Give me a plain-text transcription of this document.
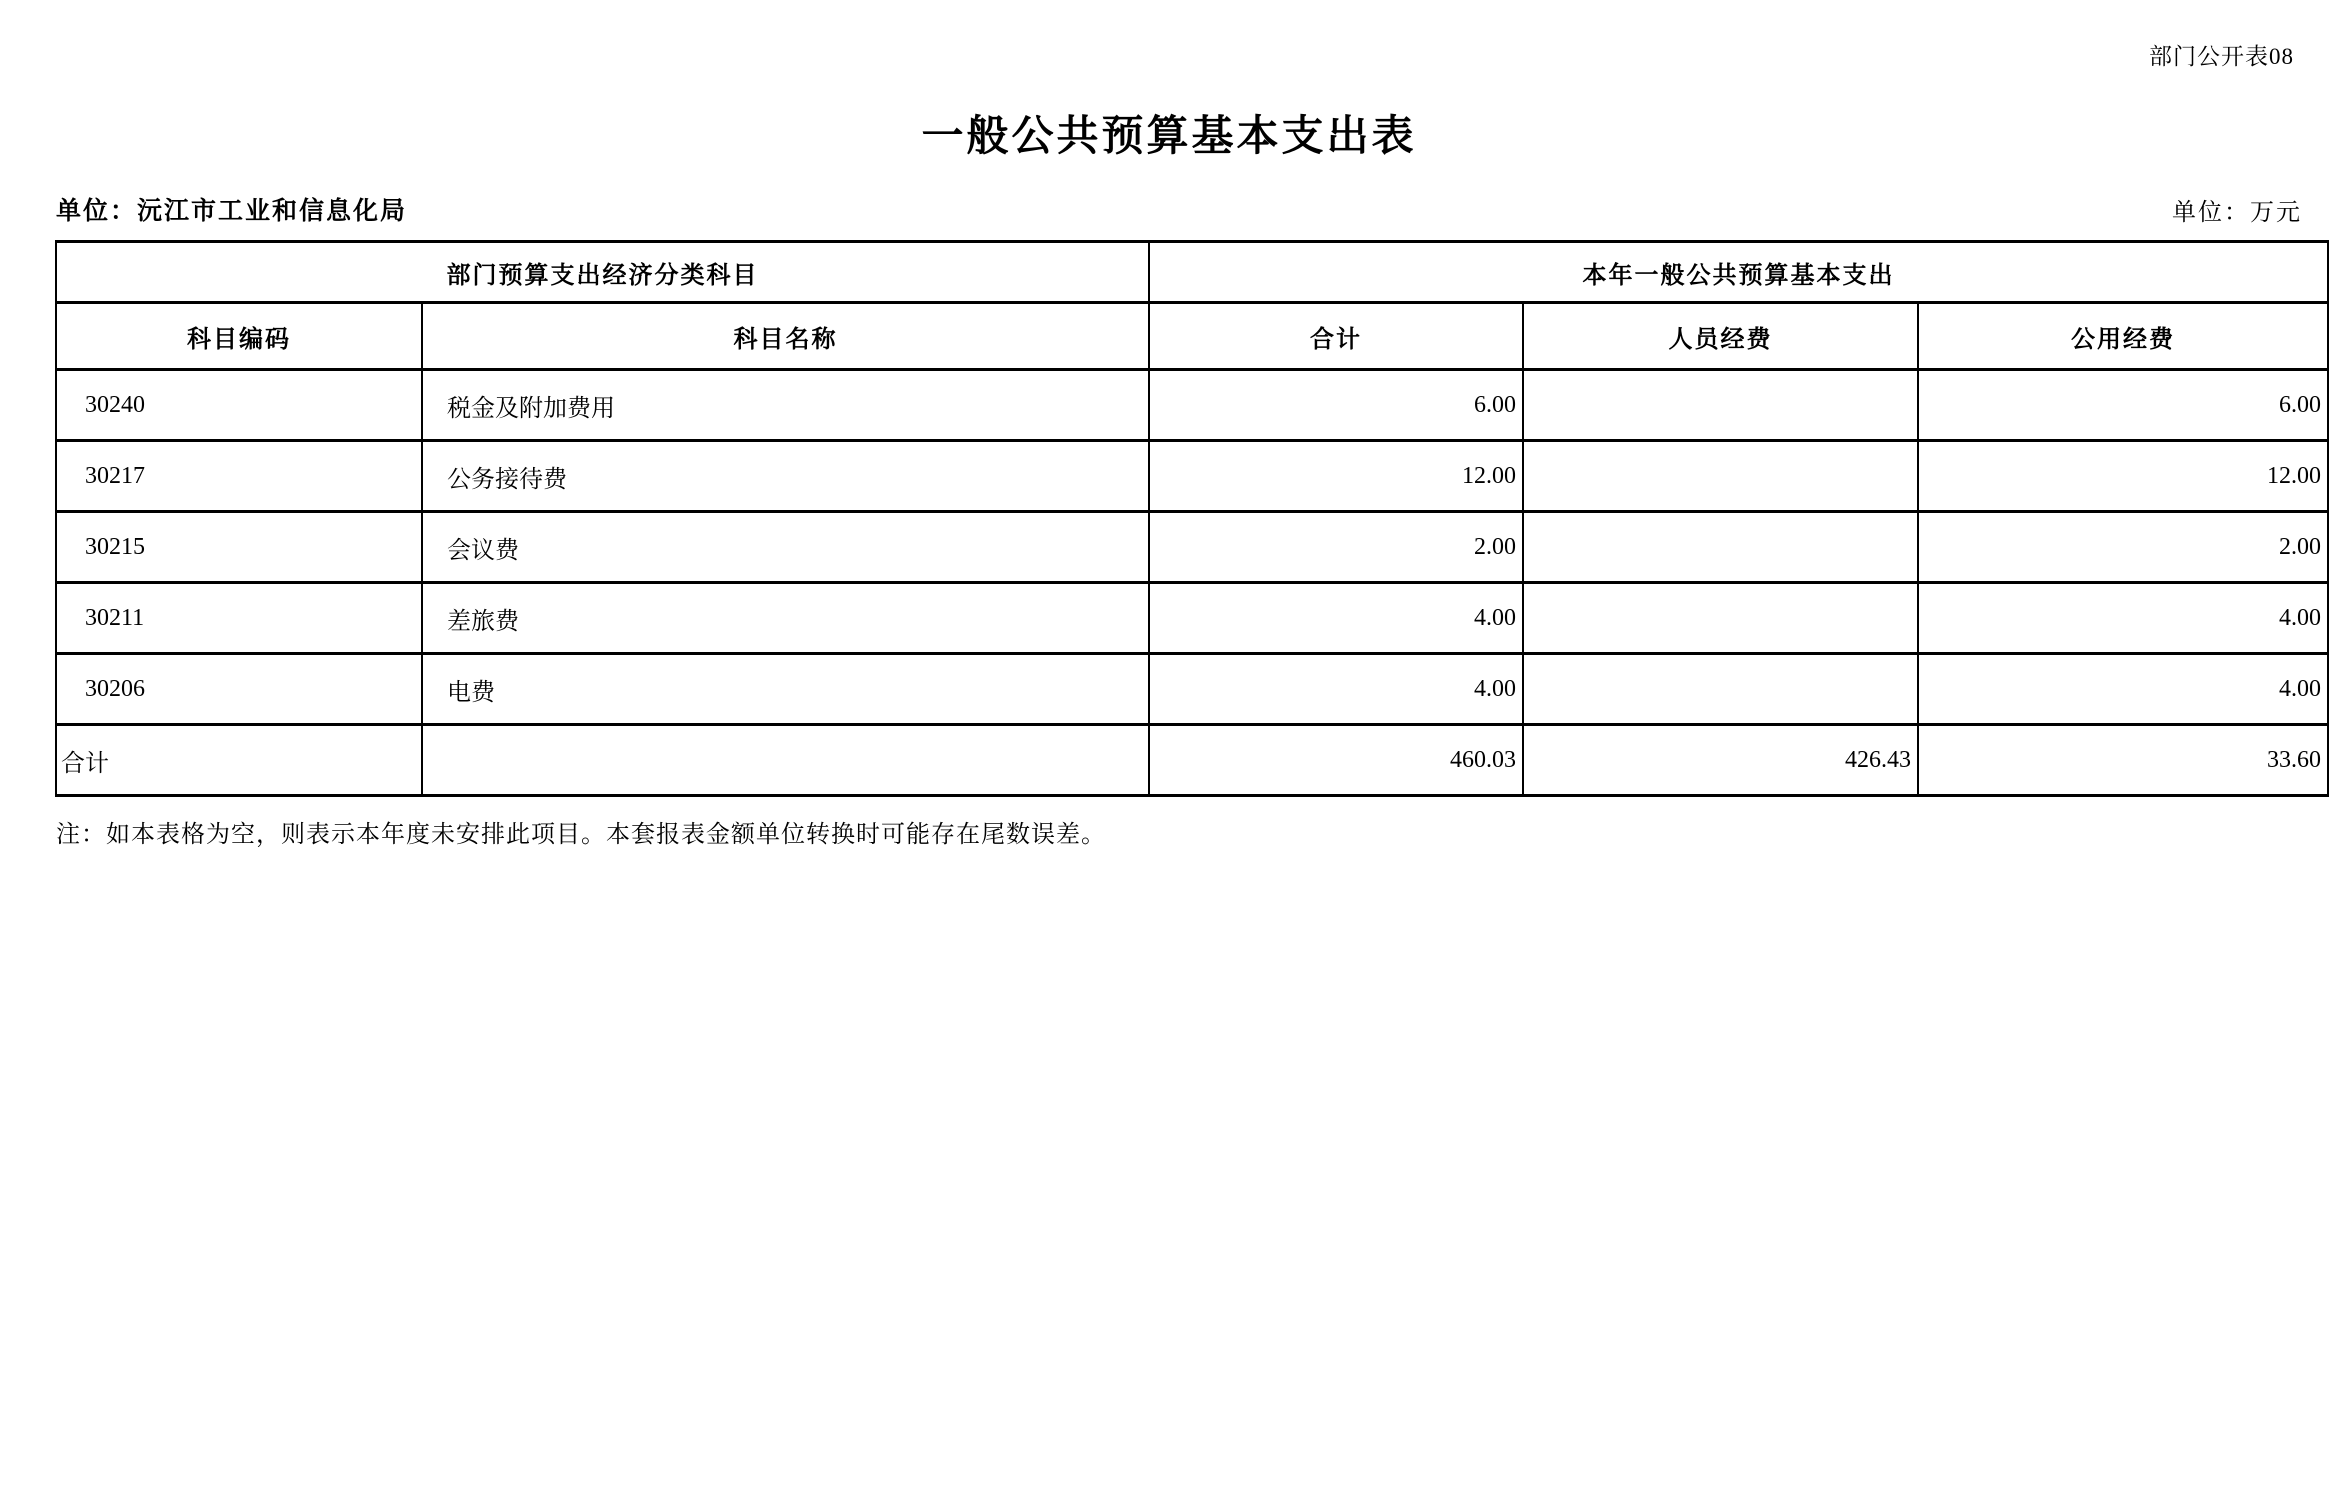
部门公开表08
一般公共预算基本支出表
单位：沅江市工业和信息化局	单位：万元
部门预算支出经济分类科目		本年一般公共预算基本支出		
科目编码	科目名称	合计	人员经费	公用经费
30240	税金及附加费用	6.00		6.00
30217	公务接待费	12.00		12.00
30215	会议费	2.00		2.00
30211	差旅费	4.00		4.00
30206	电费	4.00		4.00
合计		460.03	426.43	33.60
注：如本表格为空，则表示本年度未安排此项目。本套报表金额单位转换时可能存在尾数误差。
